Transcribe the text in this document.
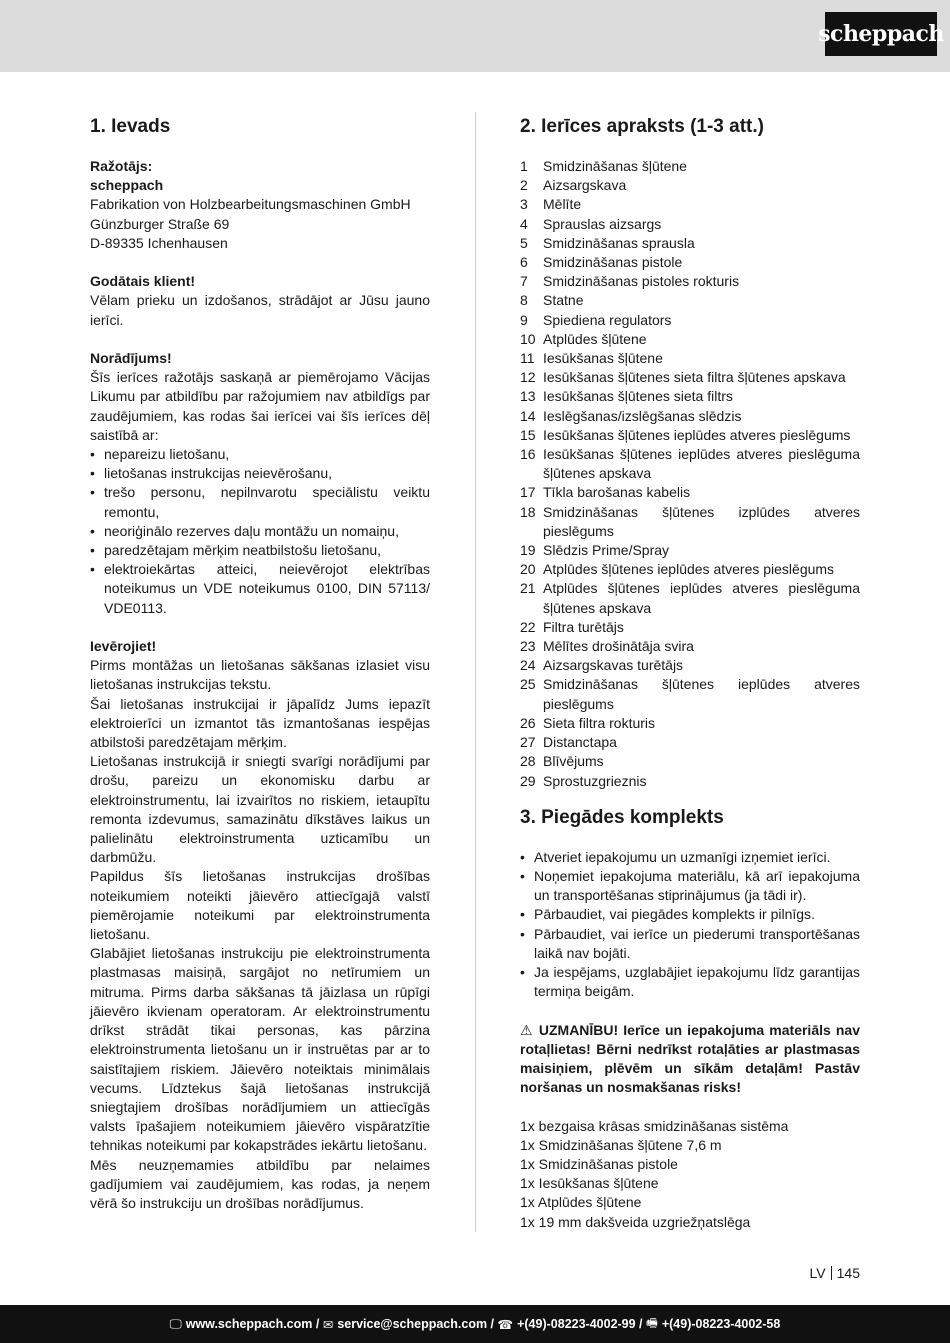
scheppach
1. Ievads
Ražotājs:
scheppach
Fabrikation von Holzbearbeitungsmaschinen GmbH
Günzburger Straße 69
D-89335 Ichenhausen
Godātais klient!
Vēlam prieku un izdošanos, strādājot ar Jūsu jauno ierīci.
Norādījums!
Šīs ierīces ražotājs saskaņā ar piemērojamo Vācijas Likumu par atbildību par ražojumiem nav atbildīgs par zaudējumiem, kas rodas šai ierīcei vai šīs ierīces dēļ saistībā ar:
• nepareizu lietošanu,
• lietošanas instrukcijas neievērošanu,
• trešo personu, nepilnvarotu speciālistu veiktu remontu,
• neoriģinālo rezerves daļu montāžu un nomaiņu,
• paredzētajam mērķim neatbilstošu lietošanu,
• elektroiekārtas atteici, neievērojot elektrības noteikumus un VDE noteikumus 0100, DIN 57113/ VDE0113.
Ievērojiet!
Pirms montāžas un lietošanas sākšanas izlasiet visu lietošanas instrukcijas tekstu.
Šai lietošanas instrukcijai ir jāpalīdz Jums iepazīt elektroierīci un izmantot tās izmantošanas iespējas atbilstoši paredzētajam mērķim.
Lietošanas instrukcijā ir sniegti svarīgi norādījumi par drošu, pareizu un ekonomisku darbu ar elektroinstrumentu, lai izvairītos no riskiem, ietaupītu remonta izdevumus, samazinātu dīkstāves laikus un palielinātu elektroinstrumenta uzticamību un darbmūžu.
Papildus šīs lietošanas instrukcijas drošības noteikumiem noteikti jāievēro attiecīgajā valstī piemērojamie noteikumi par elektroinstrumenta lietošanu.
Glabājiet lietošanas instrukciju pie elektroinstrumenta plastmasas maisiņā, sargājot no netīrumiem un mitruma. Pirms darba sākšanas tā jāizlasa un rūpīgi jāievēro ikvienam operatoram. Ar elektroinstrumentu drīkst strādāt tikai personas, kas pārzina elektroinstrumenta lietošanu un ir instruētas par ar to saistītajiem riskiem. Jāievēro noteiktais minimālais vecums. Līdztekus šajā lietošanas instrukcijā sniegtajiem drošības norādījumiem un attiecīgās valsts īpašajiem noteikumiem jāievēro vispāratzītie tehnikas noteikumi par kokapstrādes iekārtu lietošanu.
Mēs neuzņemamies atbildību par nelaimes gadījumiem vai zaudējumiem, kas rodas, ja neņem vērā šo instrukciju un drošības norādījumus.
2. Ierīces apraksts (1-3 att.)
1 Smidzināšanas šļūtene
2 Aizsargskava
3 Mēlīte
4 Sprauslas aizsargs
5 Smidzināšanas sprausla
6 Smidzināšanas pistole
7 Smidzināšanas pistoles rokturis
8 Statne
9 Spiediena regulators
10 Atplūdes šļūtene
11 Iesūkšanas šļūtene
12 Iesūkšanas šļūtenes sieta filtra šļūtenes apskava
13 Iesūkšanas šļūtenes sieta filtrs
14 Ieslēgšanas/izslēgšanas slēdzis
15 Iesūkšanas šļūtenes ieplūdes atveres pieslēgums
16 Iesūkšanas šļūtenes ieplūdes atveres pieslēguma šļūtenes apskava
17 Tīkla barošanas kabelis
18 Smidzināšanas šļūtenes izplūdes atveres pieslēgums
19 Slēdzis Prime/Spray
20 Atplūdes šļūtenes ieplūdes atveres pieslēgums
21 Atplūdes šļūtenes ieplūdes atveres pieslēguma šļūtenes apskava
22 Filtra turētājs
23 Mēlītes drošinātāja svira
24 Aizsargskavas turētājs
25 Smidzināšanas šļūtenes ieplūdes atveres pieslēgums
26 Sieta filtra rokturis
27 Distanctapa
28 Blīvējums
29 Sprostuzgrieznis
3. Piegādes komplekts
• Atveriet iepakojumu un uzmanīgi izņemiet ierīci.
• Noņemiet iepakojuma materiālu, kā arī iepakojuma un transportēšanas stiprinājumus (ja tādi ir).
• Pārbaudiet, vai piegādes komplekts ir pilnīgs.
• Pārbaudiet, vai ierīce un piederumi transportēšanas laikā nav bojāti.
• Ja iespējams, uzglabājiet iepakojumu līdz garantijas termiņa beigām.
⚠ UZMANĪBU! Ierīce un iepakojuma materiāls nav rotaļlietas! Bērni nedrīkst rotaļāties ar plastmasas maisiņiem, plēvēm un sīkām detaļām! Pastāv noršanas un nosmakšanas risks!
1x bezgaisa krāsas smidzināšanas sistēma
1x Smidzināšanas šļūtene 7,6 m
1x Smidzināšanas pistole
1x Iesūkšanas šļūtene
1x Atplūdes šļūtene
1x 19 mm dakšveida uzgriežņatslēga
LV 145
🖵︎ www.scheppach.com /
✉︎ service@scheppach.com /
☎︎ +(49)-08223-4002-99 /
🖷︎ +(49)-08223-4002-58
